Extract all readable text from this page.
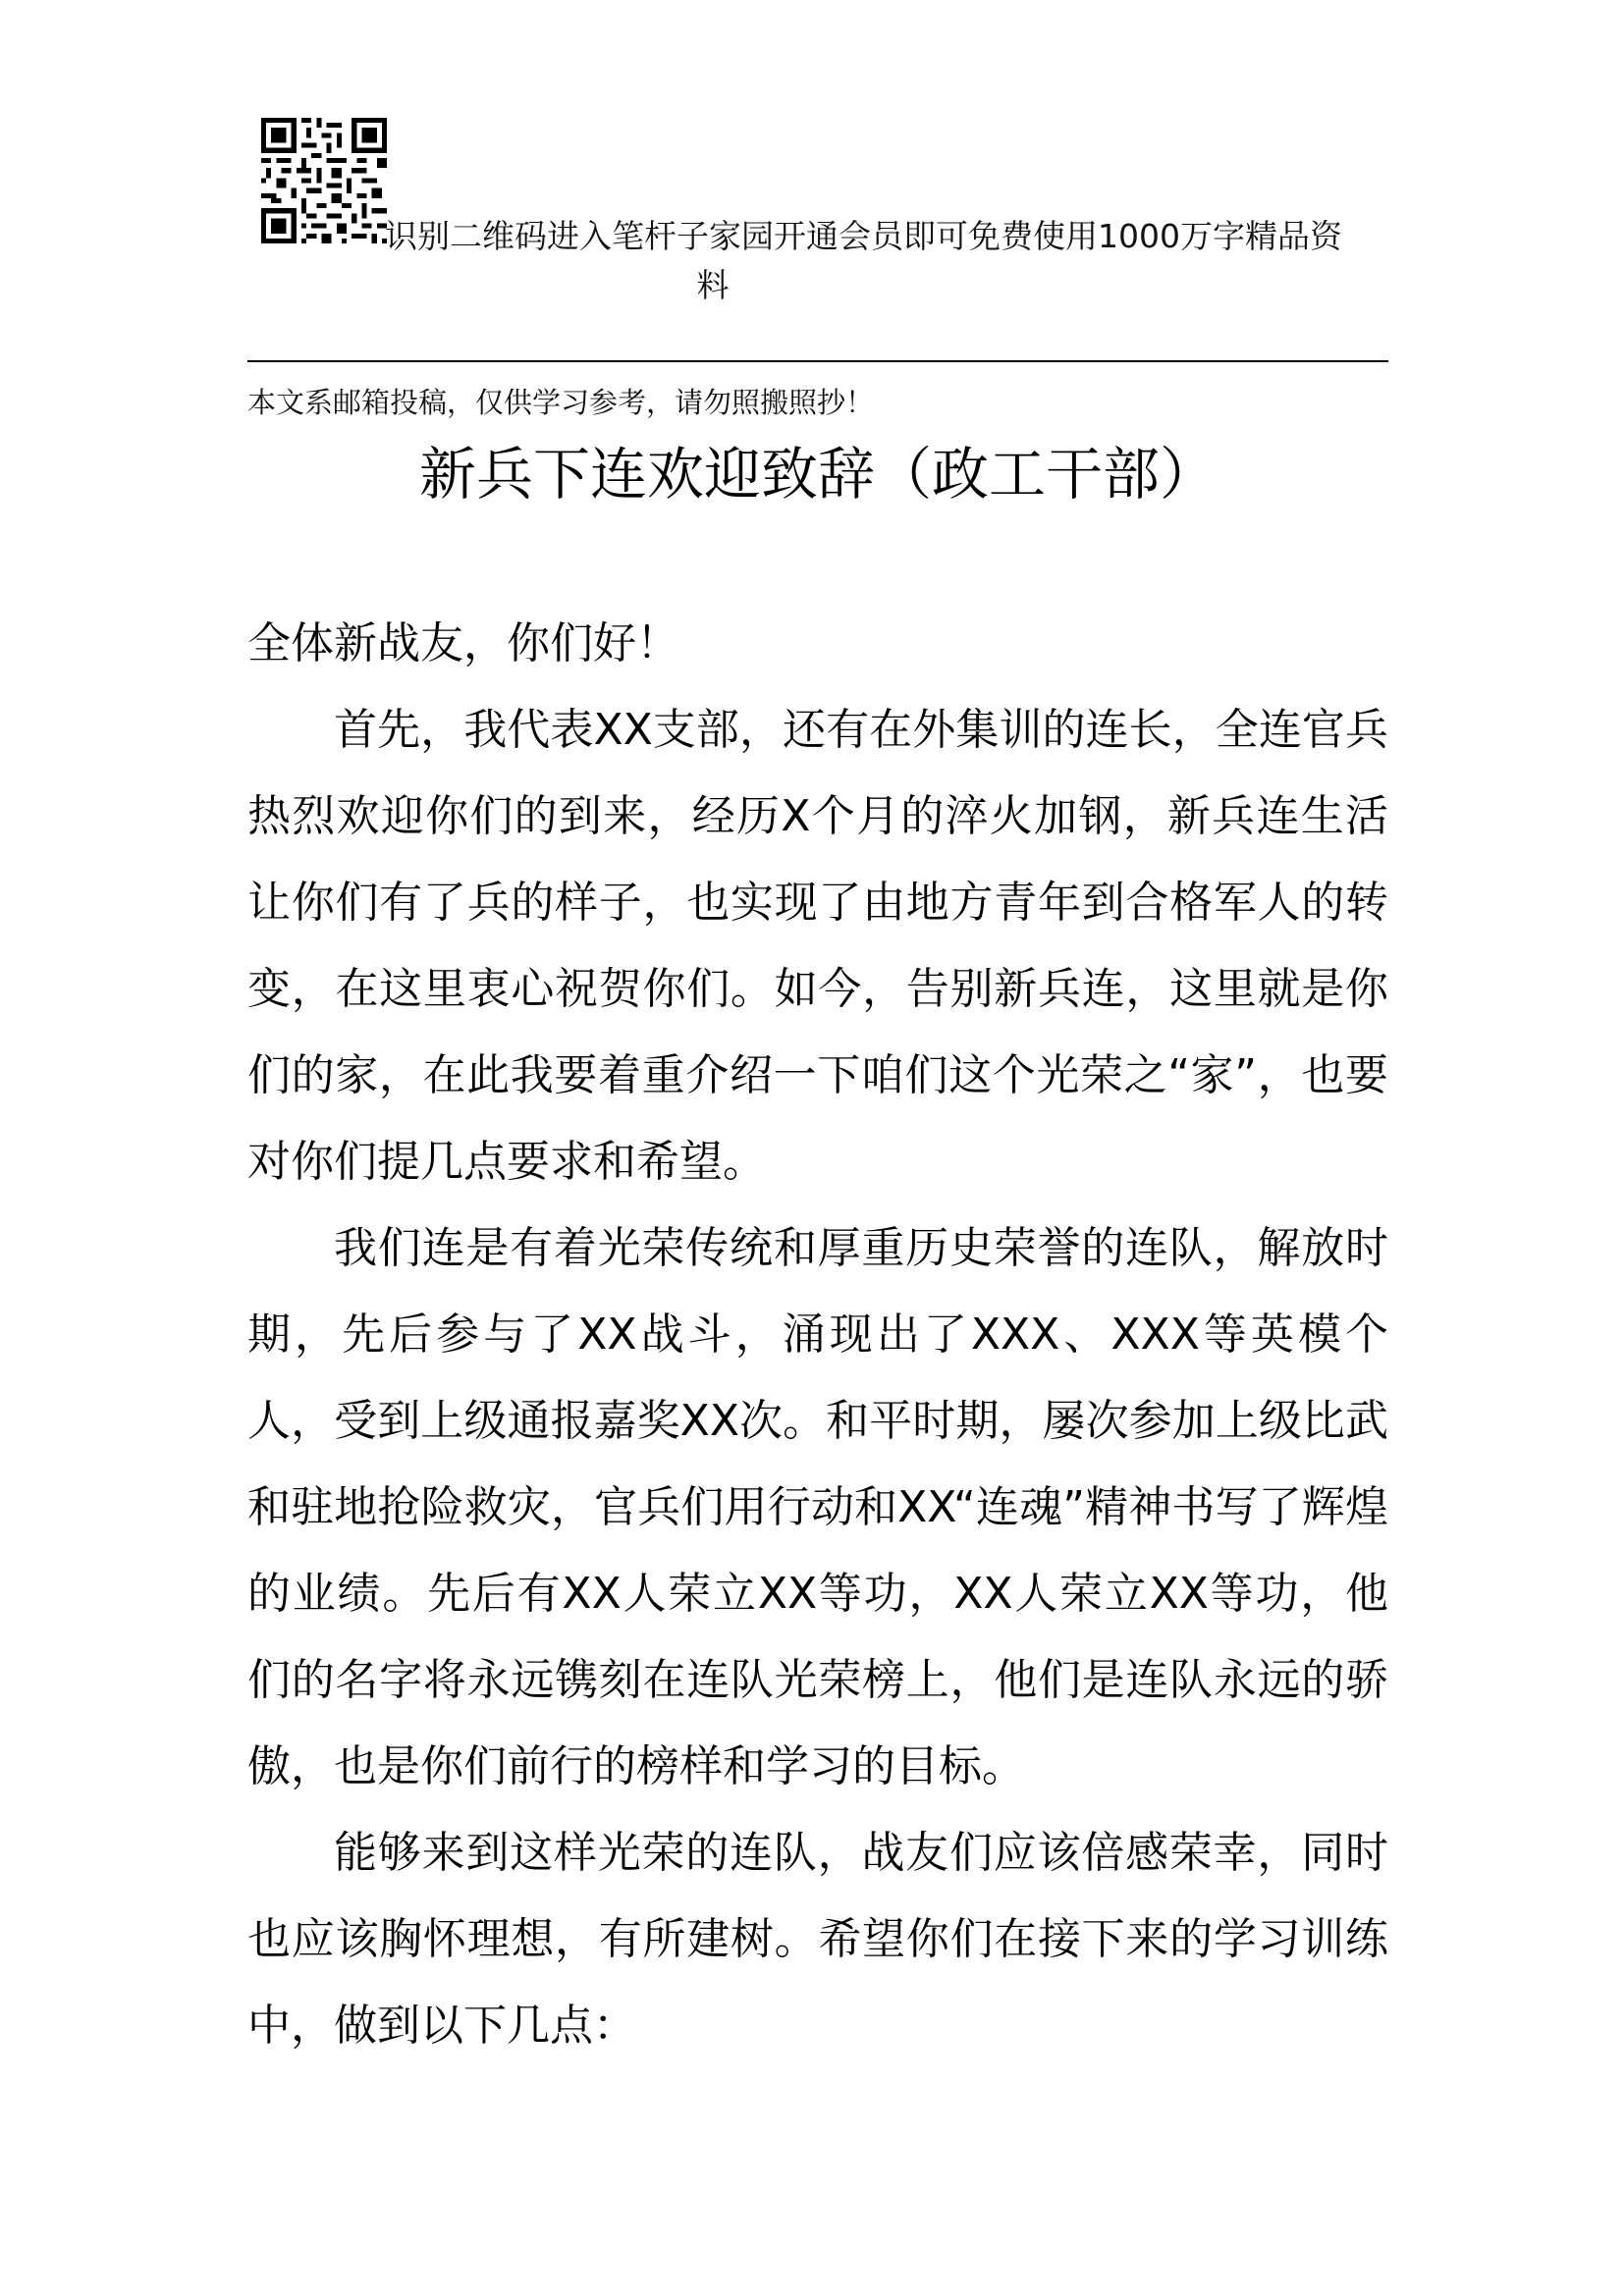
识别二维码进入笔杆子家园开通会员即可免费使用1000万字精品资
料
本文系邮箱投稿，仅供学习参考，请勿照搬照抄！
新兵下连欢迎致辞（政工干部）

全体新战友，你们好！

首先，我代表XX支部，还有在外集训的连长，全连官兵热烈欢迎你们的到来，经历X个月的淬火加钢，新兵连生活让你们有了兵的样子，也实现了由地方青年到合格军人的转变，在这里衷心祝贺你们。如今，告别新兵连，这里就是你们的家，在此我要着重介绍一下咱们这个光荣之“家”，也要对你们提几点要求和希望。

我们连是有着光荣传统和厚重历史荣誉的连队，解放时期，先后参与了XX战斗，涌现出了XXX、XXX等英模个人，受到上级通报嘉奖XX次。和平时期，屡次参加上级比武和驻地抢险救灾，官兵们用行动和XX“连魂”精神书写了辉煌的业绩。先后有XX人荣立XX等功，XX人荣立XX等功，他们的名字将永远镌刻在连队光荣榜上，他们是连队永远的骄傲，也是你们前行的榜样和学习的目标。

能够来到这样光荣的连队，战友们应该倍感荣幸，同时也应该胸怀理想，有所建树。希望你们在接下来的学习训练中，做到以下几点：
